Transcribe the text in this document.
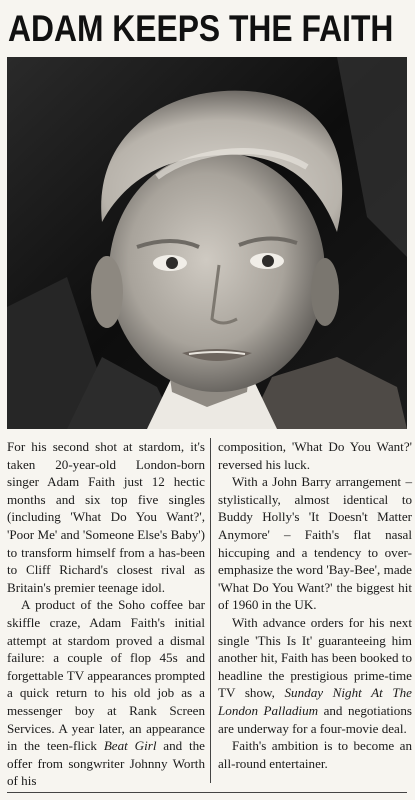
ADAM KEEPS THE FAITH

For his second shot at stardom, it's taken 20-year-old London-born singer Adam Faith just 12 hectic months and six top five singles (including 'What Do You Want?', 'Poor Me' and 'Someone Else's Baby') to transform himself from a has-been to Cliff Richard's closest rival as Britain's premier teenage idol.

A product of the Soho coffee bar skiffle craze, Adam Faith's initial attempt at stardom proved a dismal failure: a couple of flop 45s and forgettable TV appearances prompted a quick return to his old job as a messenger boy at Rank Screen Services. A year later, an appearance in the teen-flick Beat Girl and the offer from songwriter Johnny Worth of his

composition, 'What Do You Want?' reversed his luck.

With a John Barry arrangement – stylistically, almost identical to Buddy Holly's 'It Doesn't Matter Anymore' – Faith's flat nasal hiccuping and a tendency to over-emphasize the word 'Bay-Bee', made 'What Do You Want?' the biggest hit of 1960 in the UK.

With advance orders for his next single 'This Is It' guaranteeing him another hit, Faith has been booked to headline the prestigious prime-time TV show, Sunday Night At The London Palladium and negotiations are underway for a four-movie deal.

Faith's ambition is to become an all-round entertainer.
